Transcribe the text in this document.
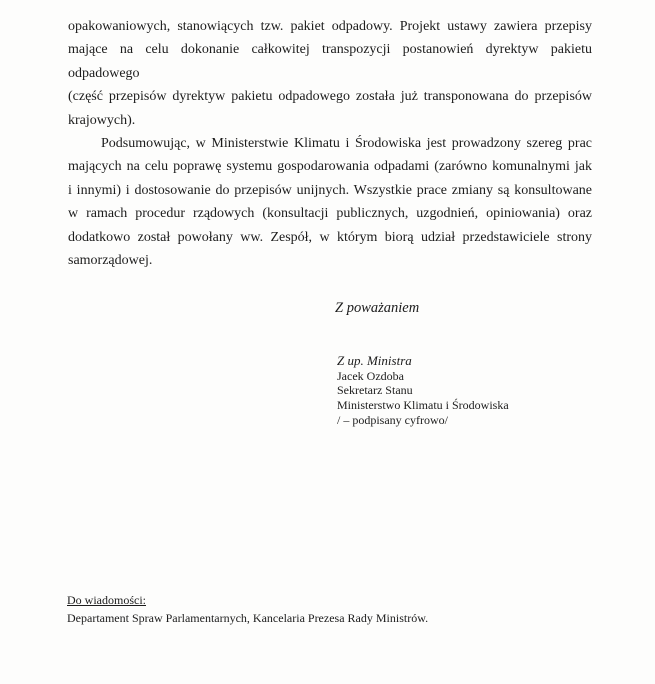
opakowaniowych, stanowiących tzw. pakiet odpadowy. Projekt ustawy zawiera przepisy
mające na celu dokonanie całkowitej transpozycji postanowień dyrektyw pakietu odpadowego
(część przepisów dyrektyw pakietu odpadowego została już transponowana do przepisów
krajowych).

Podsumowując, w Ministerstwie Klimatu i Środowiska jest prowadzony szereg prac
mających na celu poprawę systemu gospodarowania odpadami (zarówno komunalnymi jak
i innymi) i dostosowanie do przepisów unijnych. Wszystkie prace zmiany są konsultowane
w ramach procedur rządowych (konsultacji publicznych, uzgodnień, opiniowania) oraz
dodatkowo został powołany ww. Zespół, w którym biorą udział przedstawiciele strony
samorządowej.

Z poważaniem
Z up. Ministra
Jacek Ozdoba
Sekretarz Stanu
Ministerstwo Klimatu i Środowiska
/ – podpisany cyfrowo/
Do wiadomości:
Departament Spraw Parlamentarnych, Kancelaria Prezesa Rady Ministrów.
